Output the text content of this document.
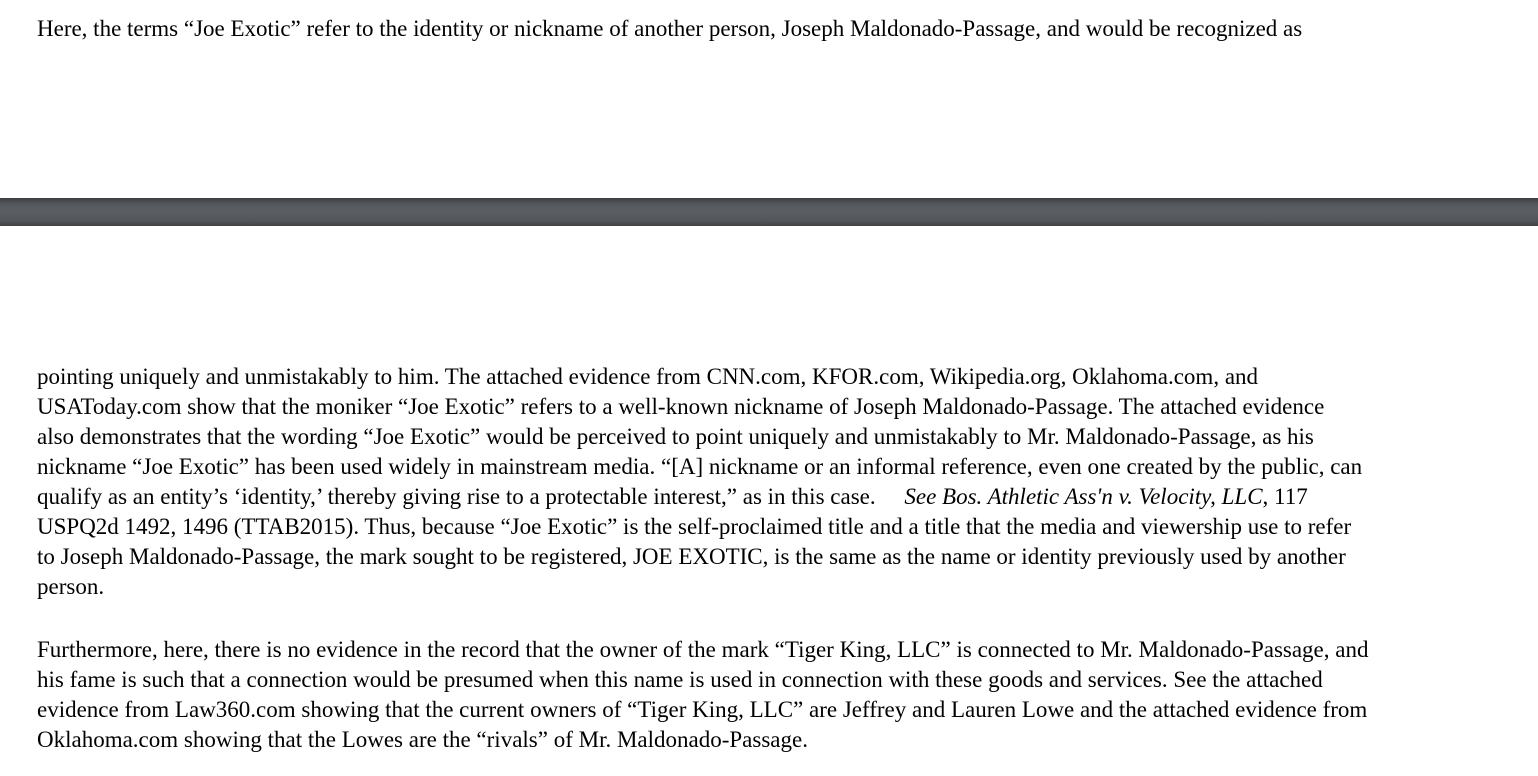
Here, the terms “Joe Exotic” refer to the identity or nickname of another person, Joseph Maldonado-Passage, and would be recognized as

pointing uniquely and unmistakably to him. The attached evidence from CNN.com, KFOR.com, Wikipedia.org, Oklahoma.com, and
USAToday.com show that the moniker “Joe Exotic” refers to a well-known nickname of Joseph Maldonado-Passage. The attached evidence
also demonstrates that the wording “Joe Exotic” would be perceived to point uniquely and unmistakably to Mr. Maldonado-Passage, as his
nickname “Joe Exotic” has been used widely in mainstream media. “[A] nickname or an informal reference, even one created by the public, can
qualify as an entity’s ‘identity,’ thereby giving rise to a protectable interest,” as in this case.     See Bos. Athletic Ass'n v. Velocity, LLC, 117
USPQ2d 1492, 1496 (TTAB2015). Thus, because “Joe Exotic” is the self-proclaimed title and a title that the media and viewership use to refer
to Joseph Maldonado-Passage, the mark sought to be registered, JOE EXOTIC, is the same as the name or identity previously used by another
person.

Furthermore, here, there is no evidence in the record that the owner of the mark “Tiger King, LLC” is connected to Mr. Maldonado-Passage, and
his fame is such that a connection would be presumed when this name is used in connection with these goods and services. See the attached
evidence from Law360.com showing that the current owners of “Tiger King, LLC” are Jeffrey and Lauren Lowe and the attached evidence from
Oklahoma.com showing that the Lowes are the “rivals” of Mr. Maldonado-Passage.
